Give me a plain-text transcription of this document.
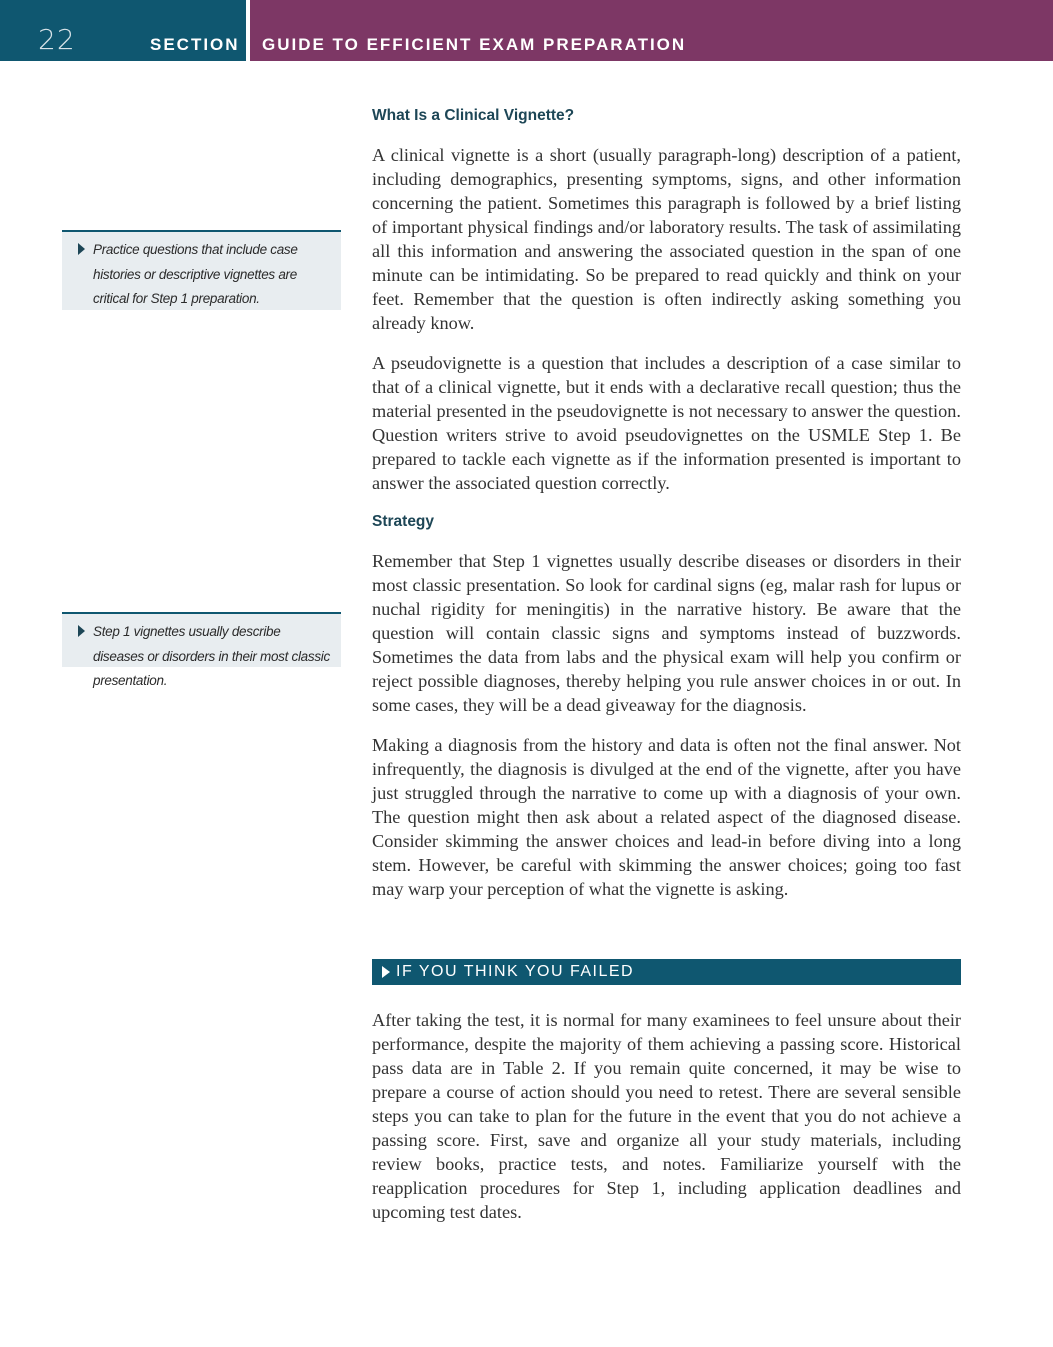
22	SECTION I GUIDE TO EFFICIENT EXAM PREPARATION
Practice questions that include case histories or descriptive vignettes are critical for Step 1 preparation.
Step 1 vignettes usually describe diseases or disorders in their most classic presentation.
What Is a Clinical Vignette?

A clinical vignette is a short (usually paragraph-long) description of a patient, including demographics, presenting symptoms, signs, and other information concerning the patient. Sometimes this paragraph is followed by a brief listing of important physical findings and/or laboratory results. The task of assimilating all this information and answering the associated question in the span of one minute can be intimidating. So be prepared to read quickly and think on your feet. Remember that the question is often indirectly asking something you already know.

A pseudovignette is a question that includes a description of a case similar to that of a clinical vignette, but it ends with a declarative recall question; thus the material presented in the pseudovignette is not necessary to answer the question. Question writers strive to avoid pseudovignettes on the USMLE Step 1. Be prepared to tackle each vignette as if the information presented is important to answer the associated question correctly.

Strategy

Remember that Step 1 vignettes usually describe diseases or disorders in their most classic presentation. So look for cardinal signs (eg, malar rash for lupus or nuchal rigidity for meningitis) in the narrative history. Be aware that the question will contain classic signs and symptoms instead of buzzwords. Sometimes the data from labs and the physical exam will help you confirm or reject possible diagnoses, thereby helping you rule answer choices in or out. In some cases, they will be a dead giveaway for the diagnosis.

Making a diagnosis from the history and data is often not the final answer. Not infrequently, the diagnosis is divulged at the end of the vignette, after you have just struggled through the narrative to come up with a diagnosis of your own. The question might then ask about a related aspect of the diagnosed disease. Consider skimming the answer choices and lead-in before diving into a long stem. However, be careful with skimming the answer choices; going too fast may warp your perception of what the vignette is asking.

IF YOU THINK YOU FAILED

After taking the test, it is normal for many examinees to feel unsure about their performance, despite the majority of them achieving a passing score. Historical pass data are in Table 2. If you remain quite concerned, it may be wise to prepare a course of action should you need to retest. There are several sensible steps you can take to plan for the future in the event that you do not achieve a passing score. First, save and organize all your study materials, including review books, practice tests, and notes. Familiarize yourself with the reapplication procedures for Step 1, including application deadlines and upcoming test dates.
